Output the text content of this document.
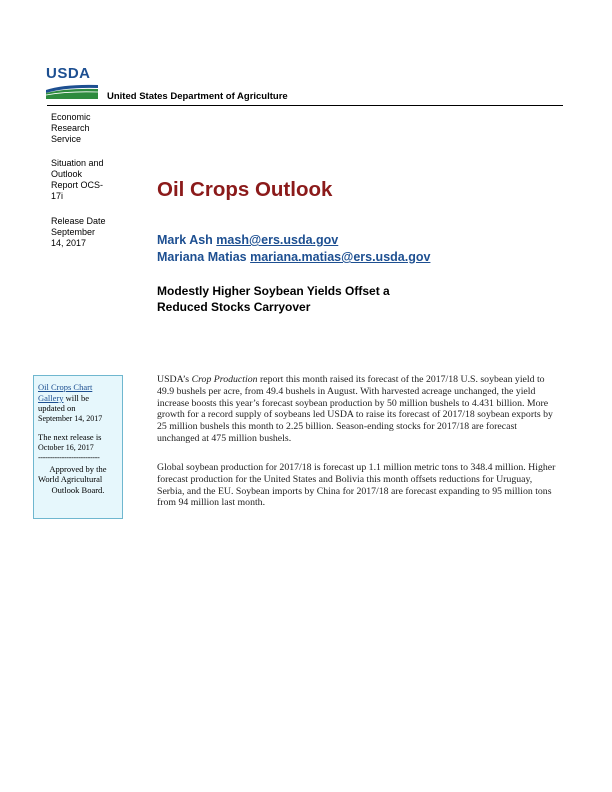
USDA
United States Department of Agriculture
Economic
Research
Service
Situation and
Outlook
Report OCS-
17i
Release Date
September
14, 2017
Oil Crops Outlook
Mark Ash mash@ers.usda.gov
Mariana Matias mariana.matias@ers.usda.gov
Modestly Higher Soybean Yields Offset a
Reduced Stocks Carryover

Oil Crops Chart

Gallery will be

updated on

September 14, 2017

The next release is

October 16, 2017

--------------------------

Approved by the

World Agricultural

Outlook Board.

USDA’s Crop Production report this month raised its forecast of the 2017/18 U.S. soybean yield to 49.9 bushels per acre, from 49.4 bushels in August. With harvested acreage unchanged, the yield increase boosts this year’s forecast soybean production by 50 million bushels to 4.431 billion. More growth for a record supply of soybeans led USDA to raise its forecast of 2017/18 soybean exports by 25 million bushels this month to 2.25 billion. Season-ending stocks for 2017/18 are forecast unchanged at 475 million bushels.

Global soybean production for 2017/18 is forecast up 1.1 million metric tons to 348.4 million. Higher forecast production for the United States and Bolivia this month offsets reductions for Uruguay, Serbia, and the EU. Soybean imports by China for 2017/18 are forecast expanding to 95 million tons from 94 million last month.
